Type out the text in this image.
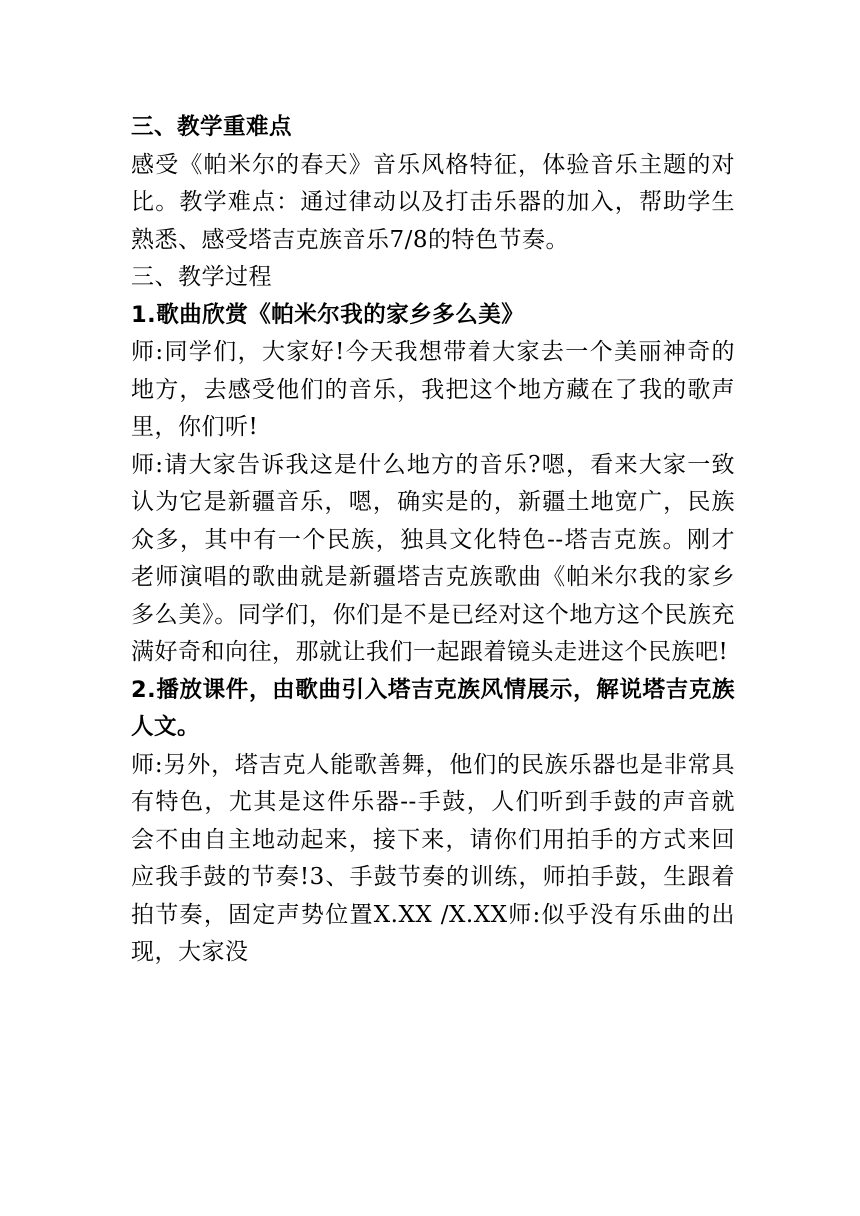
三、教学重难点

感受《帕米尔的春天》音乐风格特征，体验音乐主题的对比。教学难点：通过律动以及打击乐器的加入，帮助学生熟悉、感受塔吉克族音乐7/8的特色节奏。

三、教学过程

1.歌曲欣赏《帕米尔我的家乡多么美》

师:同学们，大家好!今天我想带着大家去一个美丽神奇的地方，去感受他们的音乐，我把这个地方藏在了我的歌声里，你们听!

师:请大家告诉我这是什么地方的音乐?嗯，看来大家一致认为它是新疆音乐，嗯，确实是的，新疆土地宽广，民族众多，其中有一个民族，独具文化特色--塔吉克族。刚才老师演唱的歌曲就是新疆塔吉克族歌曲《帕米尔我的家乡多么美》。同学们，你们是不是已经对这个地方这个民族充满好奇和向往，那就让我们一起跟着镜头走进这个民族吧!

2.播放课件，由歌曲引入塔吉克族风情展示，解说塔吉克族人文。

师:另外，塔吉克人能歌善舞，他们的民族乐器也是非常具有特色，尤其是这件乐器--手鼓，人们听到手鼓的声音就会不由自主地动起来，接下来，请你们用拍手的方式来回应我手鼓的节奏!3、手鼓节奏的训练，师拍手鼓，生跟着拍节奏，固定声势位置X.XX /X.XX师:似乎没有乐曲的出现，大家没
